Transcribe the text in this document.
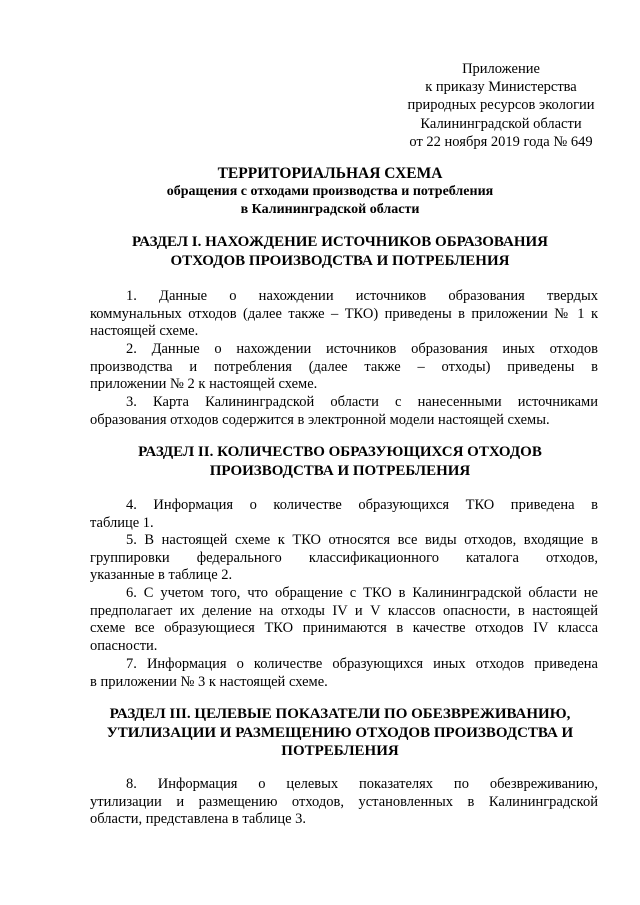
Приложение
к приказу Министерства
природных ресурсов экологии
Калининградской области
от 22 ноября 2019 года № 649
ТЕРРИТОРИАЛЬНАЯ СХЕМА
обращения с отходами производства и потребления
в Калининградской области
РАЗДЕЛ I. НАХОЖДЕНИЕ ИСТОЧНИКОВ ОБРАЗОВАНИЯ
ОТХОДОВ ПРОИЗВОДСТВА И ПОТРЕБЛЕНИЯ
1. Данные о нахождении источников образования твердых
коммунальных отходов (далее также – ТКО) приведены в приложении № 1 к
настоящей схеме.
2. Данные о нахождении источников образования иных отходов
производства и потребления (далее также – отходы) приведены в
приложении № 2 к настоящей схеме.
3. Карта Калининградской области с нанесенными источниками
образования отходов содержится в электронной модели настоящей схемы.
РАЗДЕЛ II. КОЛИЧЕСТВО ОБРАЗУЮЩИХСЯ ОТХОДОВ
ПРОИЗВОДСТВА И ПОТРЕБЛЕНИЯ
4. Информация о количестве образующихся ТКО приведена в
таблице 1.
5. В настоящей схеме к ТКО относятся все виды отходов, входящие в
группировки федерального классификационного каталога отходов,
указанные в таблице 2.
6. С учетом того, что обращение с ТКО в Калининградской области не
предполагает их деление на отходы IV и V классов опасности, в настоящей
схеме все образующиеся ТКО принимаются в качестве отходов IV класса
опасности.
7. Информация о количестве образующихся иных отходов приведена
в приложении № 3 к настоящей схеме.
РАЗДЕЛ III. ЦЕЛЕВЫЕ ПОКАЗАТЕЛИ ПО ОБЕЗВРЕЖИВАНИЮ,
УТИЛИЗАЦИИ И РАЗМЕЩЕНИЮ ОТХОДОВ ПРОИЗВОДСТВА И
ПОТРЕБЛЕНИЯ
8. Информация о целевых показателях по обезвреживанию,
утилизации и размещению отходов, установленных в Калининградской
области, представлена в таблице 3.
